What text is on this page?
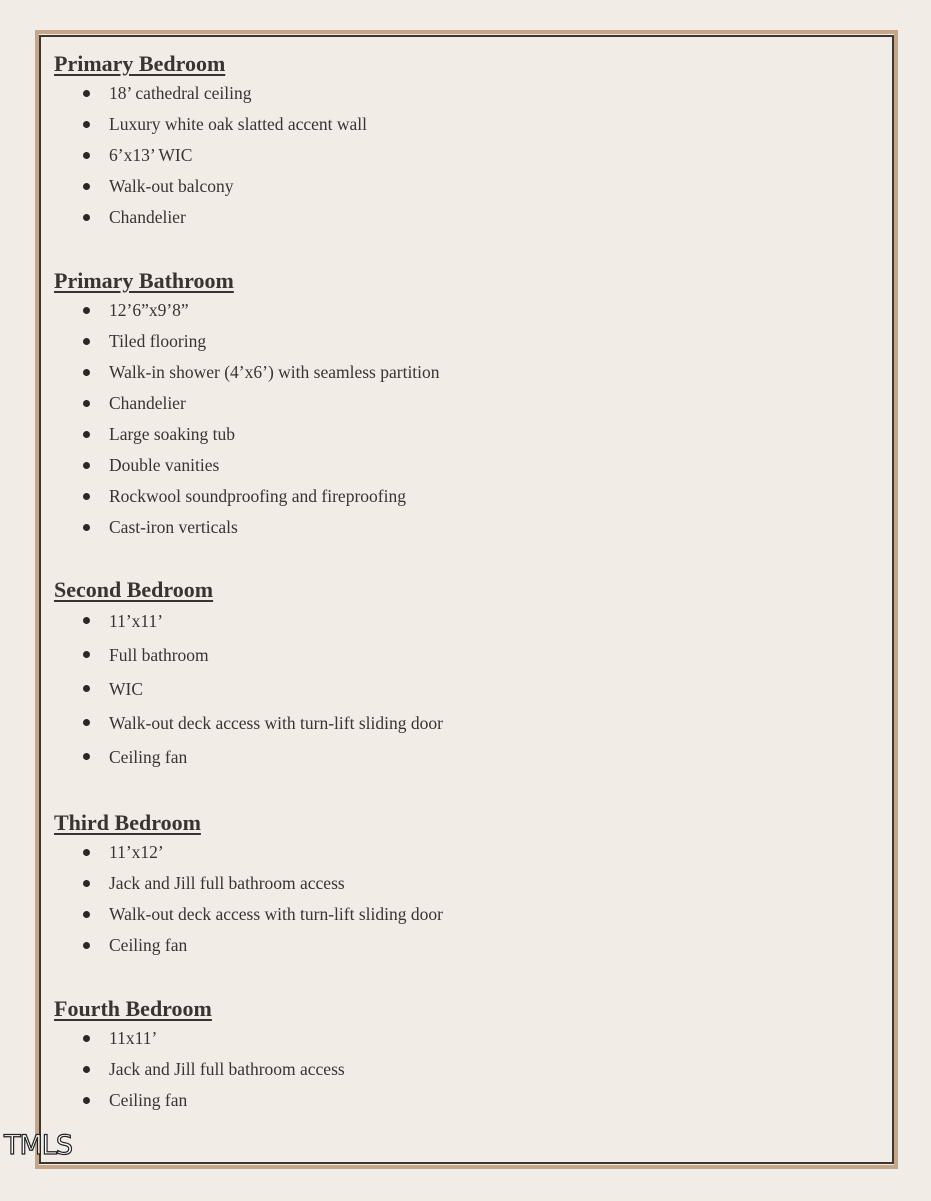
Primary Bedroom
18’ cathedral ceiling
Luxury white oak slatted accent wall
6’x13’ WIC
Walk-out balcony
Chandelier
Primary Bathroom
12’6”x9’8”
Tiled flooring
Walk-in shower (4’x6’) with seamless partition
Chandelier
Large soaking tub
Double vanities
Rockwool soundproofing and fireproofing
Cast-iron verticals
Second Bedroom
11’x11’
Full bathroom
WIC
Walk-out deck access with turn-lift sliding door
Ceiling fan
Third Bedroom
11’x12’
Jack and Jill full bathroom access
Walk-out deck access with turn-lift sliding door
Ceiling fan
Fourth Bedroom
11x11’
Jack and Jill full bathroom access
Ceiling fan
TMLS
